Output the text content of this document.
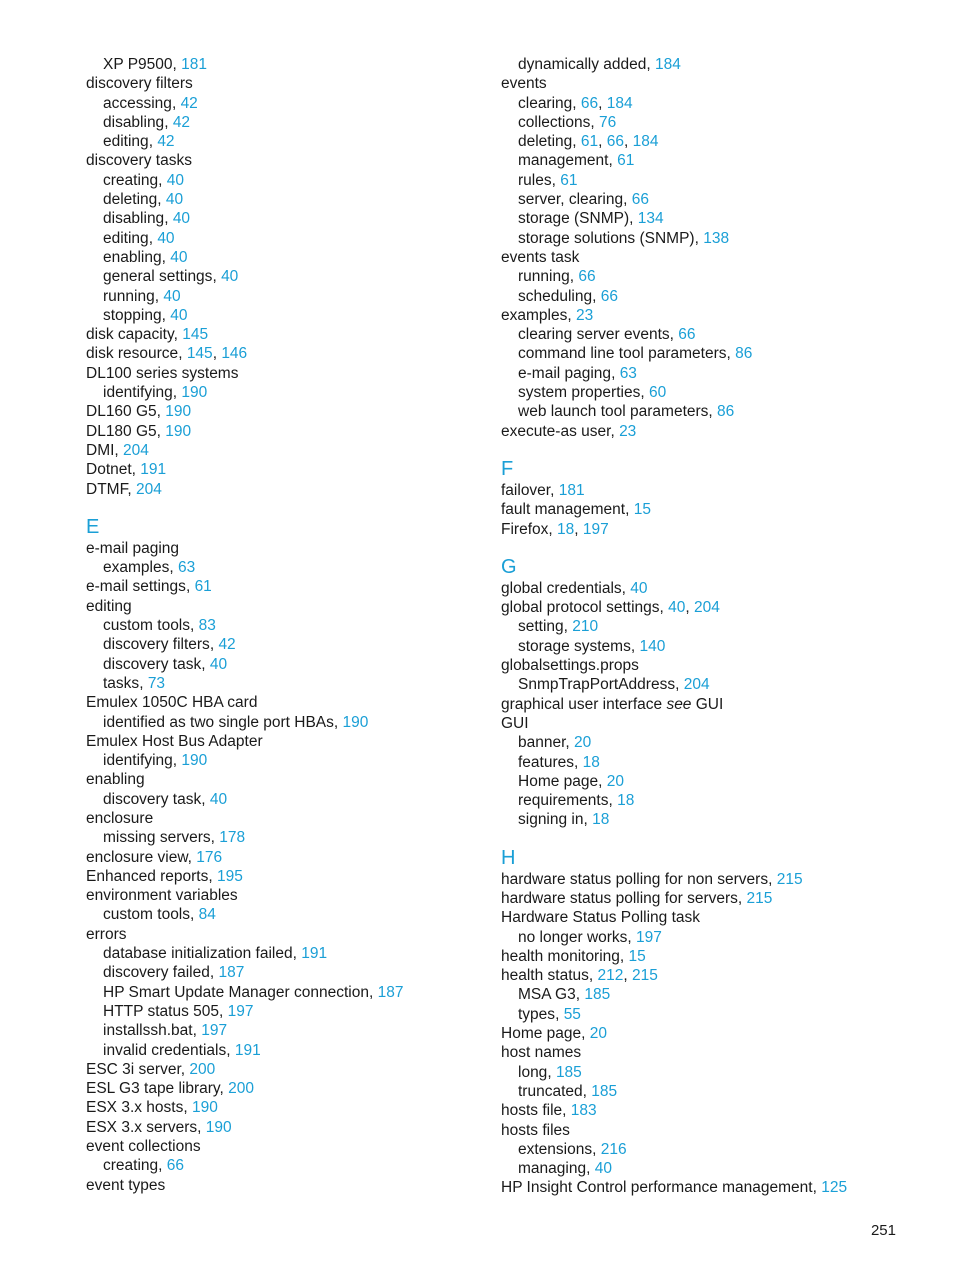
XP P9500, 181
discovery filters
accessing, 42
disabling, 42
editing, 42
discovery tasks
creating, 40
deleting, 40
disabling, 40
editing, 40
enabling, 40
general settings, 40
running, 40
stopping, 40
disk capacity, 145
disk resource, 145, 146
DL100 series systems
identifying, 190
DL160 G5, 190
DL180 G5, 190
DMI, 204
Dotnet, 191
DTMF, 204
E
e-mail paging
examples, 63
e-mail settings, 61
editing
custom tools, 83
discovery filters, 42
discovery task, 40
tasks, 73
Emulex 1050C HBA card
identified as two single port HBAs, 190
Emulex Host Bus Adapter
identifying, 190
enabling
discovery task, 40
enclosure
missing servers, 178
enclosure view, 176
Enhanced reports, 195
environment variables
custom tools, 84
errors
database initialization failed, 191
discovery failed, 187
HP Smart Update Manager connection, 187
HTTP status 505, 197
installssh.bat, 197
invalid credentials, 191
ESC 3i server, 200
ESL G3 tape library, 200
ESX 3.x hosts, 190
ESX 3.x servers, 190
event collections
creating, 66
event types
dynamically added, 184
events
clearing, 66, 184
collections, 76
deleting, 61, 66, 184
management, 61
rules, 61
server, clearing, 66
storage (SNMP), 134
storage solutions (SNMP), 138
events task
running, 66
scheduling, 66
examples, 23
clearing server events, 66
command line tool parameters, 86
e-mail paging, 63
system properties, 60
web launch tool parameters, 86
execute-as user, 23
F
failover, 181
fault management, 15
Firefox, 18, 197
G
global credentials, 40
global protocol settings, 40, 204
setting, 210
storage systems, 140
globalsettings.props
SnmpTrapPortAddress, 204
graphical user interface see GUI
GUI
banner, 20
features, 18
Home page, 20
requirements, 18
signing in, 18
H
hardware status polling for non servers, 215
hardware status polling for servers, 215
Hardware Status Polling task
no longer works, 197
health monitoring, 15
health status, 212, 215
MSA G3, 185
types, 55
Home page, 20
host names
long, 185
truncated, 185
hosts file, 183
hosts files
extensions, 216
managing, 40
HP Insight Control performance management, 125
251
